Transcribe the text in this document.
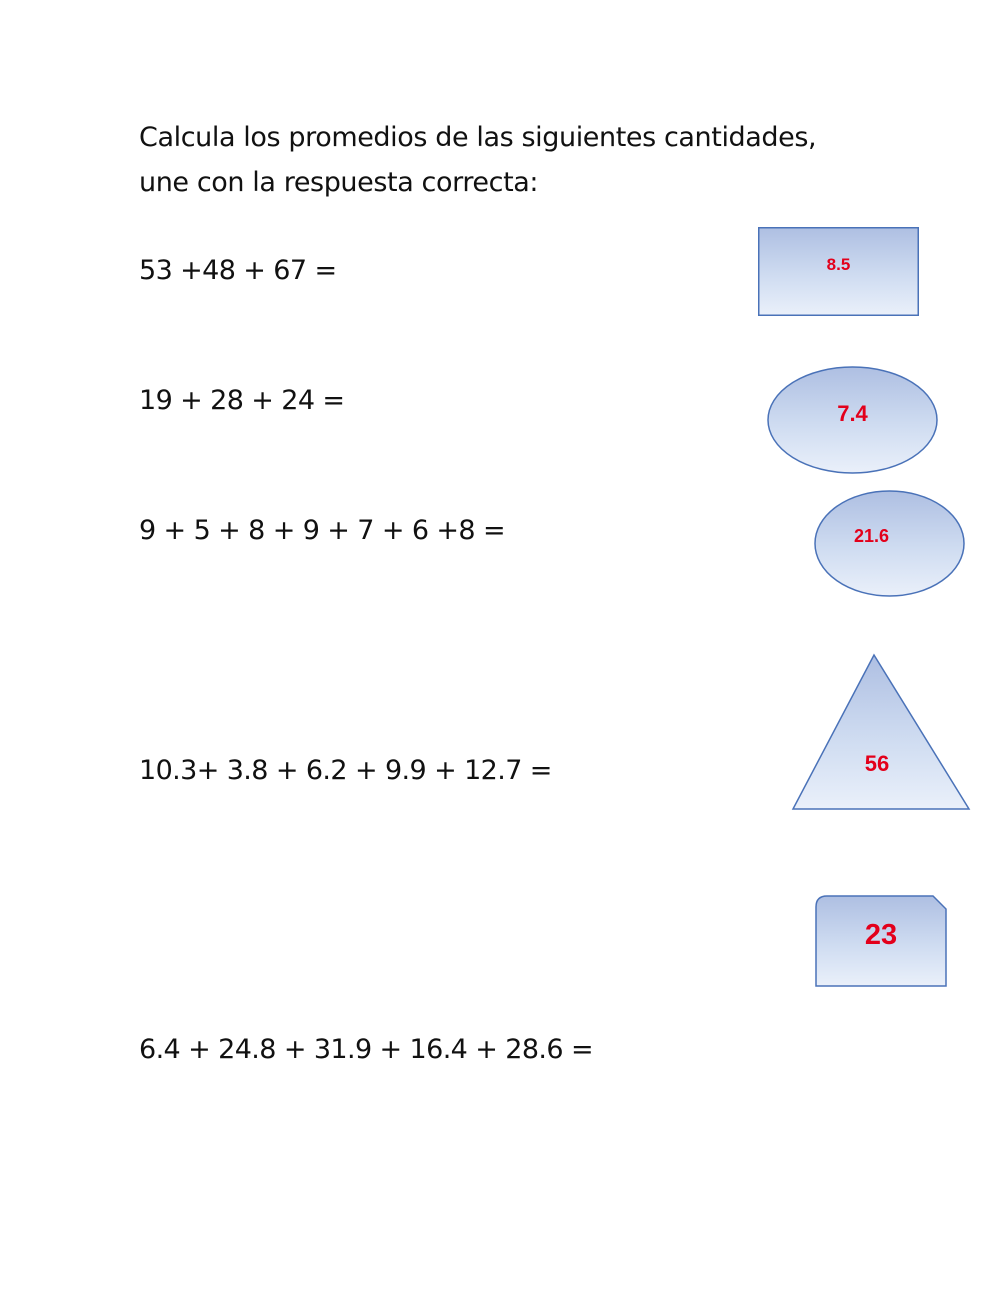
Calcula los promedios de las siguientes cantidades,
une con la respuesta correcta:
53 +48 + 67 =
19 + 28 + 24 =
9 + 5 + 8 + 9 + 7 + 6 +8 =
10.3+ 3.8 + 6.2 + 9.9 + 12.7 =
6.4 + 24.8 + 31.9 + 16.4 + 28.6 =
8.5
7.4
21.6
56
23
